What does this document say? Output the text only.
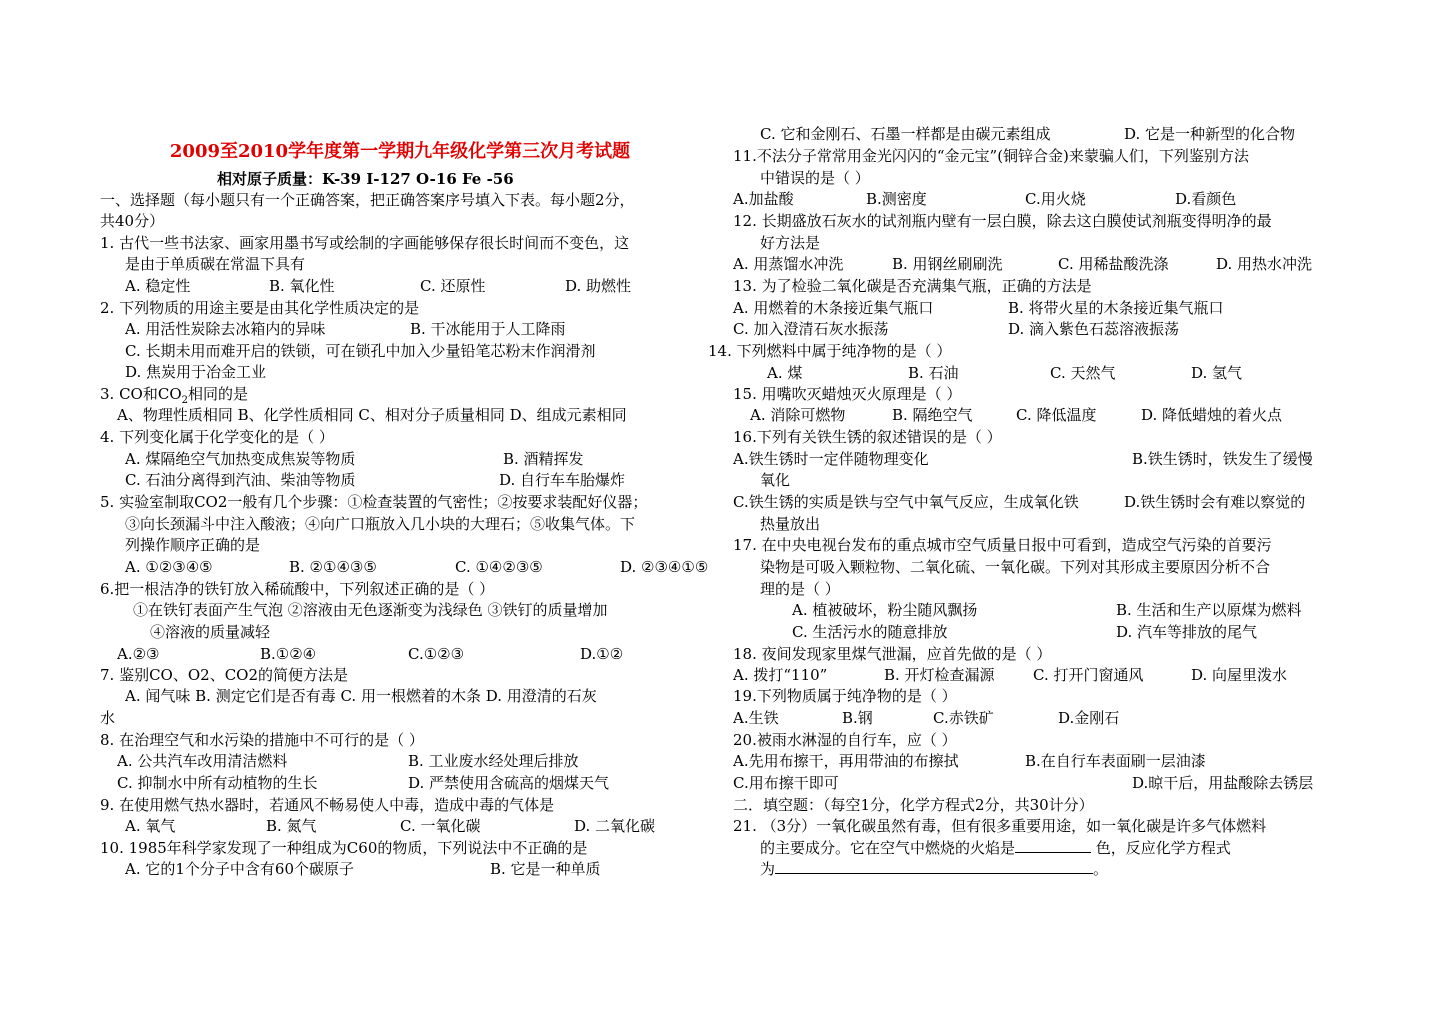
2009至2010学年度第一学期九年级化学第三次月考试题
相对原子质量：K-39 I-127 O-16 Fe -56
一、选择题（每小题只有一个正确答案，把正确答案序号填入下表。每小题2分，
共40分）
1. 古代一些书法家、画家用墨书写或绘制的字画能够保存很长时间而不变色，这
是由于单质碳在常温下具有
A. 稳定性	B. 氧化性	C. 还原性	D. 助燃性
2. 下列物质的用途主要是由其化学性质决定的是
A. 用活性炭除去冰箱内的异味	B. 干冰能用于人工降雨
C. 长期未用而难开启的铁锁，可在锁孔中加入少量铅笔芯粉末作润滑剂
D. 焦炭用于冶金工业
3. CO和$CO_2$相同的是
A、物理性质相同 B、化学性质相同 C、相对分子质量相同 D、组成元素相同
4. 下列变化属于化学变化的是（ ）
A. 煤隔绝空气加热变成焦炭等物质	B. 酒精挥发
C. 石油分离得到汽油、柴油等物质	D. 自行车车胎爆炸
5. 实验室制取CO2一般有几个步骤：①检查装置的气密性；②按要求装配好仪器；
③向长颈漏斗中注入酸液；④向广口瓶放入几小块的大理石；⑤收集气体。下
列操作顺序正确的是
A. ①②③④⑤	B. ②①④③⑤	C. ①④②③⑤	D. ②③④①⑤
6.把一根洁净的铁钉放入稀硫酸中，下列叙述正确的是（ ）
①在铁钉表面产生气泡 ②溶液由无色逐渐变为浅绿色 ③铁钉的质量增加
④溶液的质量减轻
A.②③	B.①②④	C.①②③	D.①②
7. 鉴别CO、O2、CO2的简便方法是
A. 闻气味 B. 测定它们是否有毒 C. 用一根燃着的木条 D. 用澄清的石灰
水
8. 在治理空气和水污染的措施中不可行的是（ ）
A. 公共汽车改用清洁燃料	B. 工业废水经处理后排放
C. 抑制水中所有动植物的生长	D. 严禁使用含硫高的烟煤天气
9. 在使用燃气热水器时，若通风不畅易使人中毒，造成中毒的气体是
A. 氧气	B. 氮气	C. 一氧化碳	D. 二氧化碳
10. 1985年科学家发现了一种组成为C60的物质，下列说法中不正确的是
A. 它的1个分子中含有60个碳原子	B. 它是一种单质
C. 它和金刚石、石墨一样都是由碳元素组成	D. 它是一种新型的化合物
11.不法分子常常用金光闪闪的“金元宝”(铜锌合金)来蒙骗人们，下列鉴别方法
中错误的是（ ）
A.加盐酸	B.测密度	C.用火烧	D.看颜色
12. 长期盛放石灰水的试剂瓶内壁有一层白膜，除去这白膜使试剂瓶变得明净的最
好方法是
A. 用蒸馏水冲洗	B. 用钢丝刷刷洗	C. 用稀盐酸洗涤	D. 用热水冲洗
13. 为了检验二氧化碳是否充满集气瓶，正确的方法是
A. 用燃着的木条接近集气瓶口	B. 将带火星的木条接近集气瓶口
C. 加入澄清石灰水振荡	D. 滴入紫色石蕊溶液振荡
14. 下列燃料中属于纯净物的是（ ）
A. 煤	B. 石油	C. 天然气	D. 氢气
15. 用嘴吹灭蜡烛灭火原理是（ ）
A. 消除可燃物	B. 隔绝空气	C. 降低温度	D. 降低蜡烛的着火点
16.下列有关铁生锈的叙述错误的是（ ）
A.铁生锈时一定伴随物理变化	B.铁生锈时，铁发生了缓慢
氧化
C.铁生锈的实质是铁与空气中氧气反应，生成氧化铁	D.铁生锈时会有难以察觉的
热量放出
17. 在中央电视台发布的重点城市空气质量日报中可看到，造成空气污染的首要污
染物是可吸入颗粒物、二氧化硫、一氧化碳。下列对其形成主要原因分析不合
理的是（ ）
A. 植被破坏，粉尘随风飘扬	B. 生活和生产以原煤为燃料
C. 生活污水的随意排放	D. 汽车等排放的尾气
18. 夜间发现家里煤气泄漏，应首先做的是（ ）
A. 拨打“110”	B. 开灯检查漏源	C. 打开门窗通风	D. 向屋里泼水
19.下列物质属于纯净物的是（ ）
A.生铁	B.钢	C.赤铁矿	D.金刚石
20.被雨水淋湿的自行车，应（ ）
A.先用布擦干，再用带油的布擦拭	B.在自行车表面刷一层油漆
C.用布擦干即可	D.晾干后，用盐酸除去锈层
二．填空题：（每空1分，化学方程式2分，共30计分）
21. （3分）一氧化碳虽然有毒，但有很多重要用途，如一氧化碳是许多气体燃料
的主要成分。它在空气中燃烧的火焰是	色，反应化学方程式
为	。
